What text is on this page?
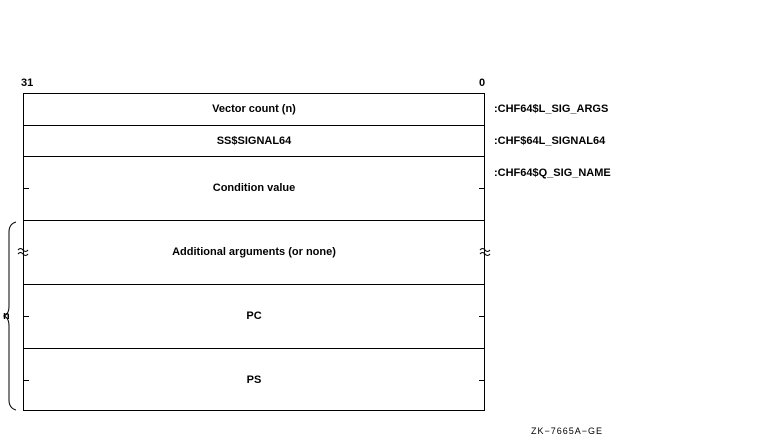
31	0
Vector count (n)
SS$SIGNAL64
Condition value
Additional arguments (or none)
PC
PS
:CHF64$L_SIG_ARGS
:CHF$64L_SIGNAL64
:CHF64$Q_SIG_NAME
n
ZK−7665A−GE
